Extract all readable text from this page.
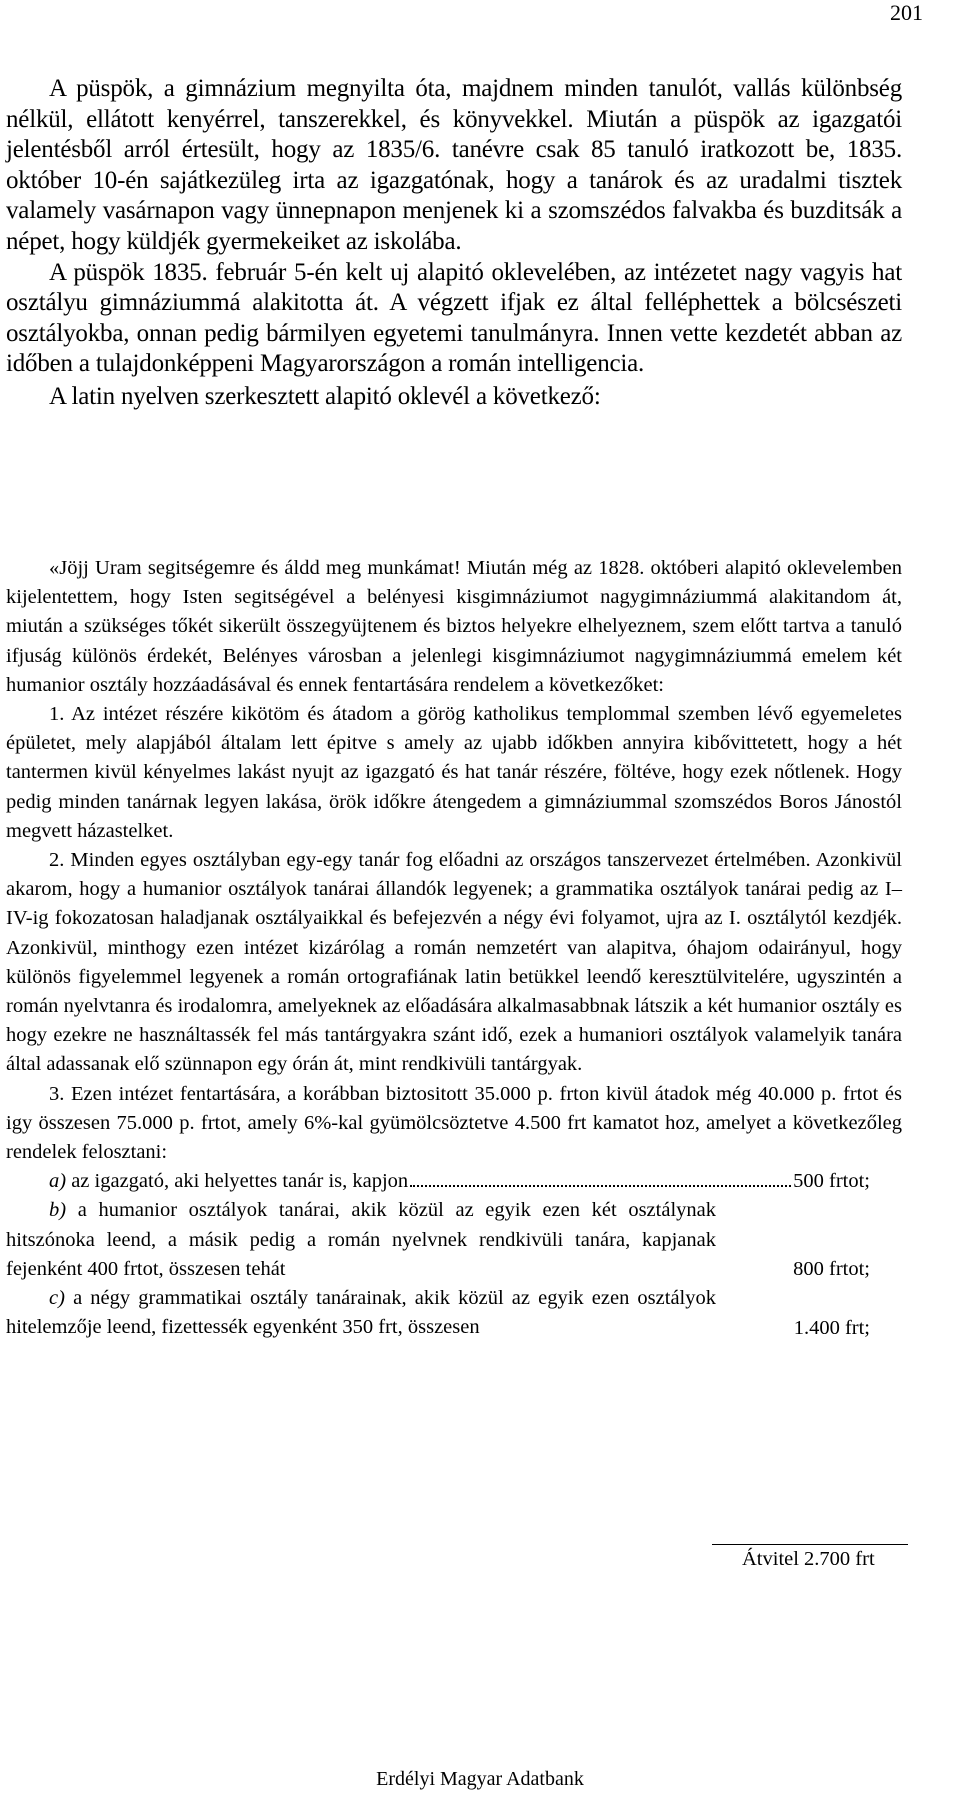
201

A püspök, a gimnázium megnyilta óta, majdnem minden tanulót, vallás különbség nélkül, ellátott kenyérrel, tanszerekkel, és könyvekkel. Miután a püspök az igazgatói jelentésből arról értesült, hogy az 1835/6. tanévre csak 85 tanuló iratkozott be, 1835. október 10-én sajátkezüleg irta az igazgatónak, hogy a tanárok és az uradalmi tisztek valamely vasárnapon vagy ünnepnapon menjenek ki a szomszédos falvakba és buzditsák a népet, hogy küldjék gyermekeiket az iskolába.

A püspök 1835. február 5-én kelt uj alapitó oklevelében, az intézetet nagy vagyis hat osztályu gimnáziummá alakitotta át. A végzett ifjak ez által felléphettek a bölcsészeti osztályokba, onnan pedig bármilyen egyetemi tanulmányra. Innen vette kezdetét abban az időben a tulajdonképpeni Magyarországon a román intelligencia.

A latin nyelven szerkesztett alapitó oklevél a következő:

«Jöjj Uram segitségemre és áldd meg munkámat! Miután még az 1828. októberi alapitó oklevelemben kijelentettem, hogy Isten segitségével a belényesi kisgimnáziumot nagygimnáziummá alakitandom át, miután a szükséges tőkét sikerült összegyüjtenem és biztos helyekre elhelyeznem, szem előtt tartva a tanuló ifjuság különös érdekét, Belényes városban a jelenlegi kisgimnáziumot nagygimnáziummá emelem két humanior osztály hozzáadásával és ennek fentartására rendelem a következőket:

1. Az intézet részére kikötöm és átadom a görög katholikus templommal szemben lévő egyemeletes épületet, mely alapjából általam lett épitve s amely az ujabb időkben annyira kibővittetett, hogy a hét tantermen kivül kényelmes lakást nyujt az igazgató és hat tanár részére, föltéve, hogy ezek nőtlenek. Hogy pedig minden tanárnak legyen lakása, örök időkre átengedem a gimnáziummal szomszédos Boros Jánostól megvett házastelket.

2. Minden egyes osztályban egy-egy tanár fog előadni az országos tanszervezet értelmében. Azonkivül akarom, hogy a humanior osztályok tanárai állandók legyenek; a grammatika osztályok tanárai pedig az I–IV-ig fokozatosan haladjanak osztályaikkal és befejezvén a négy évi folyamot, ujra az I. osztálytól kezdjék. Azonkivül, minthogy ezen intézet kizárólag a román nemzetért van alapitva, óhajom odairányul, hogy különös figyelemmel legyenek a román ortografiának latin betükkel leendő keresztülvitelére, ugyszintén a román nyelvtanra és irodalomra, amelyeknek az előadására alkalmasabbnak látszik a két humanior osztály es hogy ezekre ne használtassék fel más tantárgyakra szánt idő, ezek a humaniori osztályok valamelyik tanára által adassanak elő szünnapon egy órán át, mint rendkivüli tantárgyak.

3. Ezen intézet fentartására, a korábban biztositott 35.000 p. frton kivül átadok még 40.000 p. frtot és igy összesen 75.000 p. frtot, amely 6%-kal gyümölcsöztetve 4.500 frt kamatot hoz, amelyet a következőleg rendelek felosztani:

a)
az igazgató, aki helyettes tanár is, kapjon	500 frtot;

b) a humanior osztályok tanárai, akik közül az egyik ezen két osztálynak hitszónoka leend, a másik pedig a román nyelvnek rendkivüli tanára, kapjanak fejenként 400 frtot, összesen tehát	800 frtot;

c) a négy grammatikai osztály tanárainak, akik közül az egyik ezen osztályok hitelemzője leend, fizettessék egyenként 350 frt, összesen	1.400 frt;
Átvitel 2.700 frt
Erdélyi Magyar Adatbank
